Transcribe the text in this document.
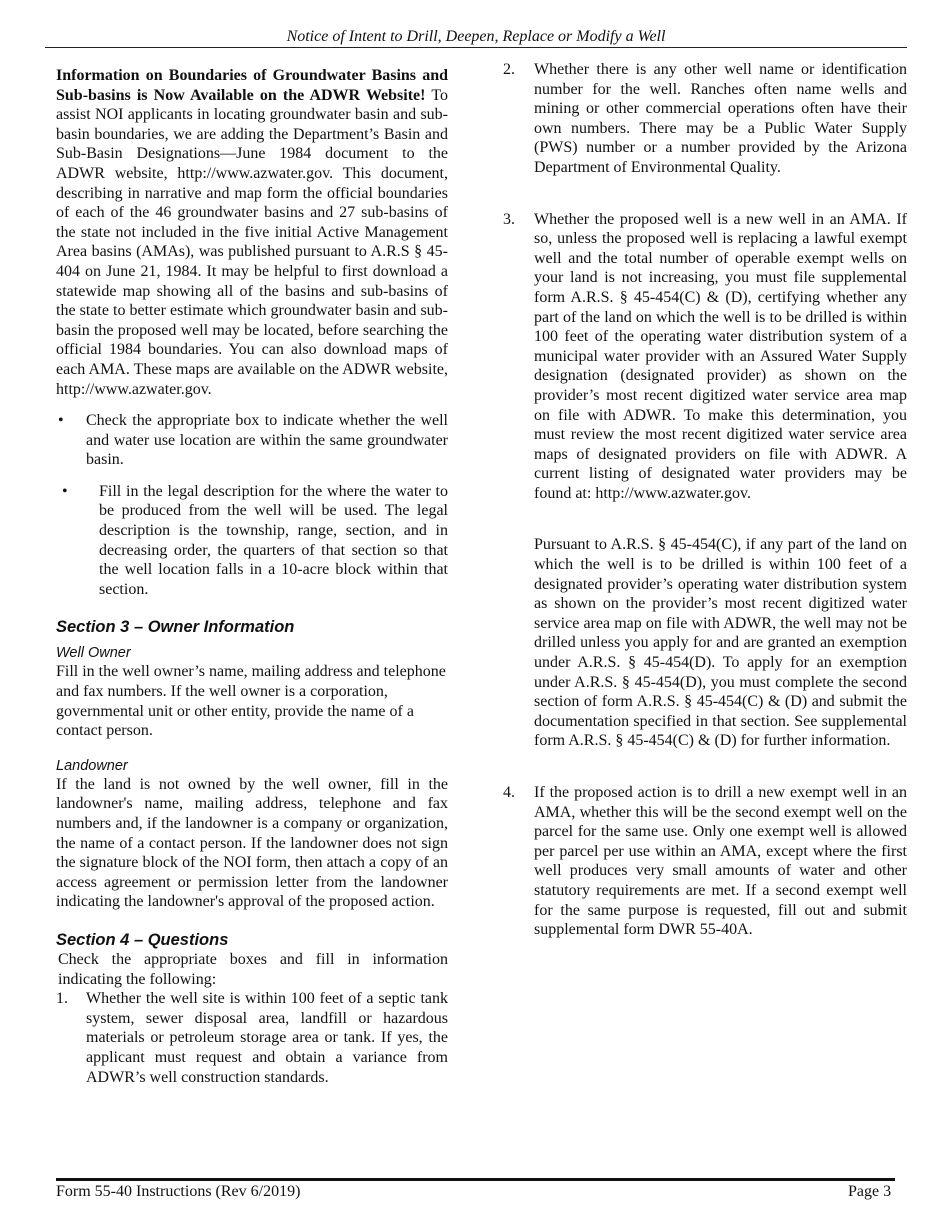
Notice of Intent to Drill, Deepen, Replace or Modify a Well

Information on Boundaries of Groundwater Basins and Sub-basins is Now Available on the ADWR Website! To assist NOI applicants in locating groundwater basin and sub-basin boundaries, we are adding the Department’s Basin and Sub-Basin Designations—June 1984 document to the ADWR website, http://www.azwater.gov. This document, describing in narrative and map form the official boundaries of each of the 46 groundwater basins and 27 sub-basins of the state not included in the five initial Active Management Area basins (AMAs), was published pursuant to A.R.S § 45-404 on June 21, 1984. It may be helpful to first download a statewide map showing all of the basins and sub-basins of the state to better estimate which groundwater basin and sub-basin the proposed well may be located, before searching the official 1984 boundaries. You can also download maps of each AMA. These maps are available on the ADWR website, http://www.azwater.gov.

•	Check the appropriate box to indicate whether the well and water use location are within the same groundwater basin.
•	Fill in the legal description for the where the water to be produced from the well will be used. The legal description is the township, range, section, and in decreasing order, the quarters of that section so that the well location falls in a 10-acre block within that section.
Section 3 – Owner Information
Well Owner

Fill in the well owner’s name, mailing address and telephone and fax numbers. If the well owner is a corporation, governmental unit or other entity, provide the name of a contact person.

Landowner

If the land is not owned by the well owner, fill in the landowner's name, mailing address, telephone and fax numbers and, if the landowner is a company or organization, the name of a contact person. If the landowner does not sign the signature block of the NOI form, then attach a copy of an access agreement or permission letter from the landowner indicating the landowner's approval of the proposed action.

Section 4 – Questions

Check the appropriate boxes and fill in information indicating the following:

1.	Whether the well site is within 100 feet of a septic tank system, sewer disposal area, landfill or hazardous materials or petroleum storage area or tank. If yes, the applicant must request and obtain a variance from ADWR’s well construction standards.
2.	Whether there is any other well name or identification number for the well. Ranches often name wells and mining or other commercial operations often have their own numbers. There may be a Public Water Supply (PWS) number or a number provided by the Arizona Department of Environmental Quality.
3.	Whether the proposed well is a new well in an AMA. If so, unless the proposed well is replacing a lawful exempt well and the total number of operable exempt wells on your land is not increasing, you must file supplemental form A.R.S. § 45-454(C) & (D), certifying whether any part of the land on which the well is to be drilled is within 100 feet of the operating water distribution system of a municipal water provider with an Assured Water Supply designation (designated provider) as shown on the provider’s most recent digitized water service area map on file with ADWR. To make this determination, you must review the most recent digitized water service area maps of designated providers on file with ADWR. A current listing of designated water providers may be found at: http://www.azwater.gov.

Pursuant to A.R.S. § 45-454(C), if any part of the land on which the well is to be drilled is within 100 feet of a designated provider’s operating water distribution system as shown on the provider’s most recent digitized water service area map on file with ADWR, the well may not be drilled unless you apply for and are granted an exemption under A.R.S. § 45-454(D). To apply for an exemption under A.R.S. § 45-454(D), you must complete the second section of form A.R.S. § 45-454(C) & (D) and submit the documentation specified in that section. See supplemental form A.R.S. § 45-454(C) & (D) for further information.

4.	If the proposed action is to drill a new exempt well in an AMA, whether this will be the second exempt well on the parcel for the same use. Only one exempt well is allowed per parcel per use within an AMA, except where the first well produces very small amounts of water and other statutory requirements are met. If a second exempt well for the same purpose is requested, fill out and submit supplemental form DWR 55-40A.
Form 55-40 Instructions (Rev 6/2019)	Page 3
